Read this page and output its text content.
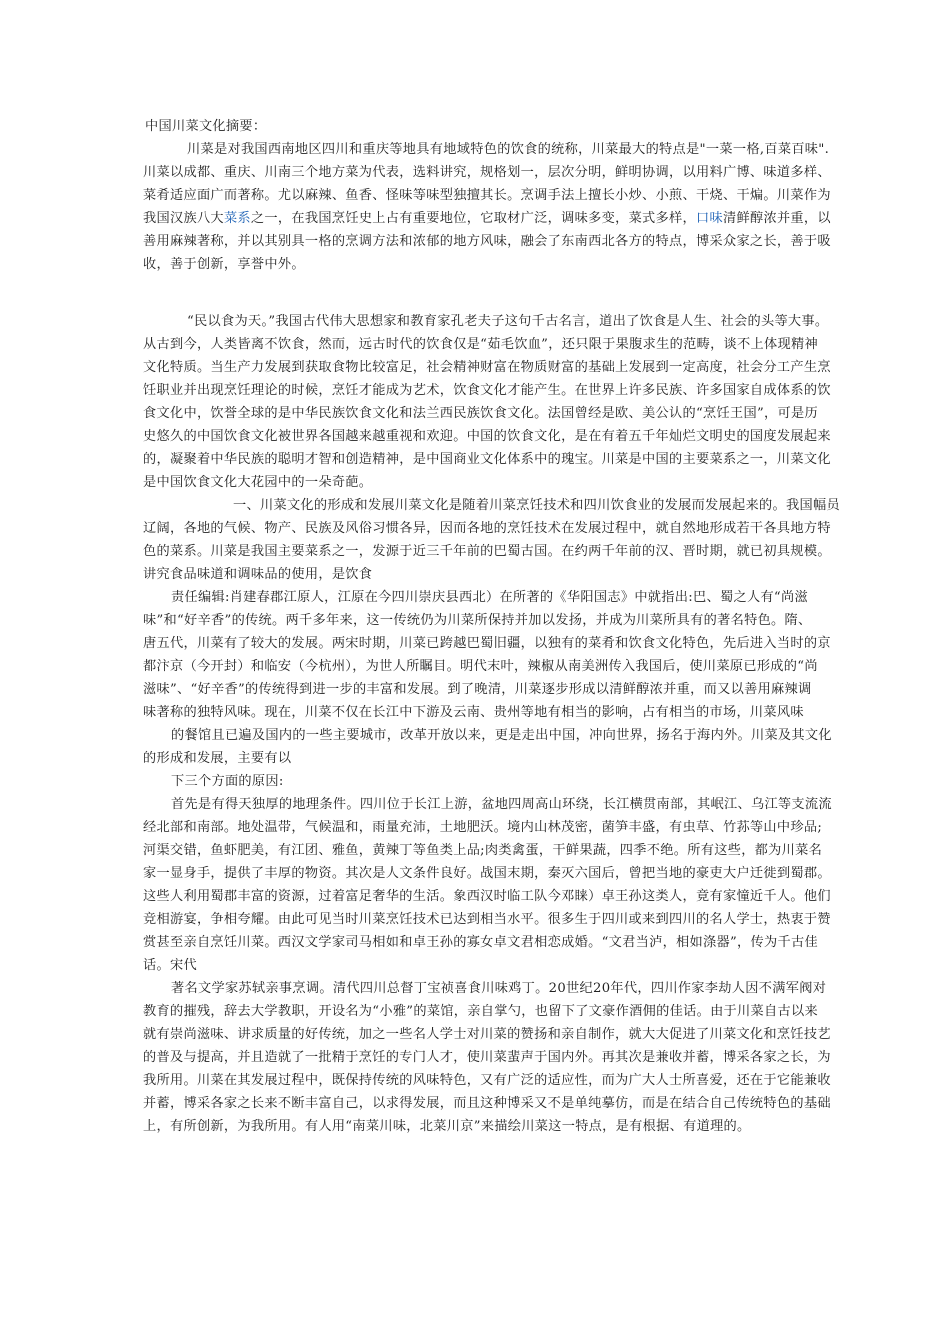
中国川菜文化摘要：
川菜是对我国西南地区四川和重庆等地具有地域特色的饮食的统称，川菜最大的特点是"一菜一格,百菜百味".
川菜以成都、重庆、川南三个地方菜为代表，选料讲究，规格划一，层次分明，鲜明协调，以用料广博、味道多样、
菜肴适应面广而著称。尤以麻辣、鱼香、怪味等味型独擅其长。烹调手法上擅长小炒、小煎、干烧、干煸。川菜作为
我国汉族八大菜系之一，在我国烹饪史上占有重要地位，它取材广泛，调味多变，菜式多样，口味清鲜醇浓并重，以
善用麻辣著称，并以其别具一格的烹调方法和浓郁的地方风味，融会了东南西北各方的特点，博采众家之长，善于吸
收，善于创新，享誉中外。
“民以食为天。”我国古代伟大思想家和教育家孔老夫子这句千古名言，道出了饮食是人生、社会的头等大事。
从古到今，人类皆离不饮食，然而，远古时代的饮食仅是“茹毛饮血”，还只限于果腹求生的范畴，谈不上体现精神
文化特质。当生产力发展到获取食物比较富足，社会精神财富在物质财富的基础上发展到一定高度，社会分工产生烹
饪职业并出现烹饪理论的时候，烹饪才能成为艺术，饮食文化才能产生。在世界上许多民族、许多国家自成体系的饮
食文化中，饮誉全球的是中华民族饮食文化和法兰西民族饮食文化。法国曾经是欧、美公认的“烹饪王国”，可是历
史悠久的中国饮食文化被世界各国越来越重视和欢迎。中国的饮食文化，是在有着五千年灿烂文明史的国度发展起来
的，凝聚着中华民族的聪明才智和创造精神，是中国商业文化体系中的瑰宝。川菜是中国的主要菜系之一，川菜文化
是中国饮食文化大花园中的一朵奇葩。
一、川菜文化的形成和发展川菜文化是随着川菜烹饪技术和四川饮食业的发展而发展起来的。我国幅员
辽阔，各地的气候、物产、民族及风俗习惯各异，因而各地的烹饪技术在发展过程中，就自然地形成若干各具地方特
色的菜系。川菜是我国主要菜系之一，发源于近三千年前的巴蜀古国。在约两千年前的汉、晋时期，就已初具规模。
讲究食品味道和调味品的使用，是饮食
责任编辑:肖建春郡江原人，江原在今四川崇庆县西北）在所著的《华阳国志》中就指出:巴、蜀之人有“尚滋
味”和“好辛香”的传统。两千多年来，这一传统仍为川菜所保持并加以发扬，并成为川菜所具有的著名特色。隋、
唐五代，川菜有了较大的发展。两宋时期，川菜已跨越巴蜀旧疆，以独有的菜肴和饮食文化特色，先后进入当时的京
都汴京（今开封）和临安（今杭州），为世人所瞩目。明代末叶，辣椒从南美洲传入我国后，使川菜原已形成的“尚
滋味”、“好辛香”的传统得到进一步的丰富和发展。到了晚清，川菜逐步形成以清鲜醇浓并重，而又以善用麻辣调
味著称的独特风味。现在，川菜不仅在长江中下游及云南、贵州等地有相当的影响，占有相当的市场，川菜风味
的餐馆且已遍及国内的一些主要城市，改革开放以来，更是走出中国，冲向世界，扬名于海内外。川菜及其文化
的形成和发展，主要有以
下三个方面的原因:
首先是有得天独厚的地理条件。四川位于长江上游，盆地四周高山环绕，长江横贯南部，其岷江、乌江等支流流
经北部和南部。地处温带，气候温和，雨量充沛，土地肥沃。境内山林茂密，菌笋丰盛，有虫草、竹荪等山中珍品;
河渠交错，鱼虾肥美，有江团、雅鱼，黄辣丁等鱼类上品;肉类禽蛋，干鲜果蔬，四季不绝。所有这些，都为川菜名
家一显身手，提供了丰厚的物资。其次是人文条件良好。战国末期，秦灭六国后，曾把当地的豪吏大户迁徙到蜀郡。
这些人利用蜀郡丰富的资源，过着富足奢华的生活。象西汉时临工队今邓睐）卓王孙这类人，竟有家憧近千人。他们
竞相游宴，争相夸耀。由此可见当时川菜烹饪技术已达到相当水平。很多生于四川或来到四川的名人学士，热衷于赞
赏甚至亲自烹饪川菜。西汉文学家司马相如和卓王孙的寡女卓文君相恋成婚。“文君当泸，相如涤器”，传为千古佳
话。宋代
著名文学家苏轼亲事烹调。清代四川总督丁宝祯喜食川味鸡丁。20世纪20年代，四川作家李劫人因不满军阀对
教育的摧残，辞去大学教职，开设名为“小雅”的菜馆，亲自掌勺，也留下了文豪作酒佣的佳话。由于川菜自古以来
就有崇尚滋味、讲求质量的好传统，加之一些名人学士对川菜的赞扬和亲自制作，就大大促进了川菜文化和烹饪技艺
的普及与提高，并且造就了一批精于烹饪的专门人才，使川菜蜚声于国内外。再其次是兼收并蓄，博采各家之长，为
我所用。川菜在其发展过程中，既保持传统的风味特色，又有广泛的适应性，而为广大人士所喜爱，还在于它能兼收
并蓄，博采各家之长来不断丰富自己，以求得发展，而且这种博采又不是单纯摹仿，而是在结合自己传统特色的基础
上，有所创新，为我所用。有人用“南菜川味，北菜川京”来描绘川菜这一特点，是有根据、有道理的。
